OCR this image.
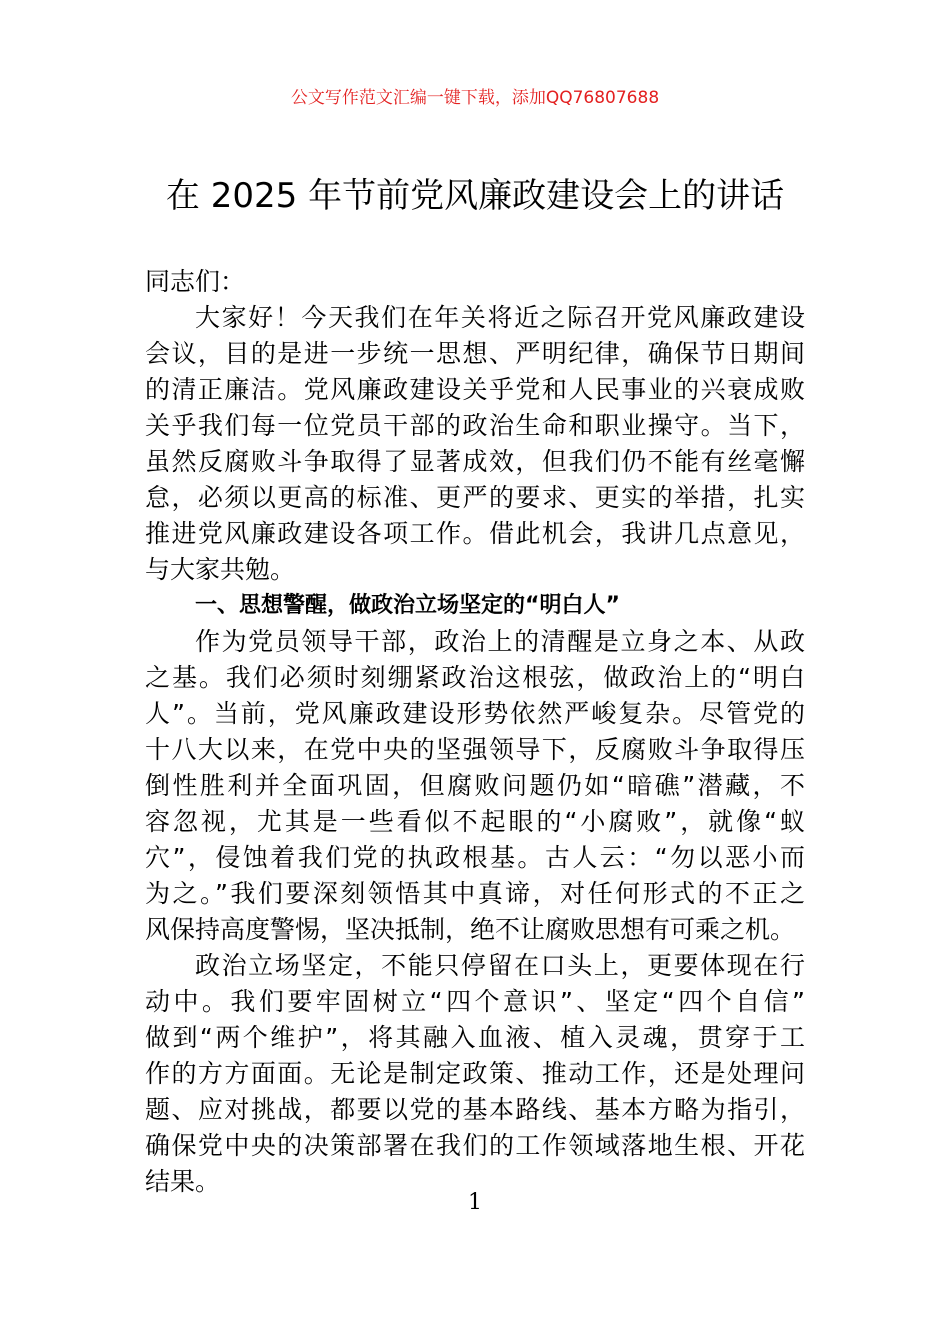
公文写作范文汇编一键下载，添加QQ76807688
在 2025 年节前党风廉政建设会上的讲话
同志们：
大家好！今天我们在年关将近之际召开党风廉政建设
会议，目的是进一步统一思想、严明纪律，确保节日期间
的清正廉洁。党风廉政建设关乎党和人民事业的兴衰成败
关乎我们每一位党员干部的政治生命和职业操守。当下，
虽然反腐败斗争取得了显著成效，但我们仍不能有丝毫懈
怠，必须以更高的标准、更严的要求、更实的举措，扎实
推进党风廉政建设各项工作。借此机会，我讲几点意见，
与大家共勉。
一、思想警醒，做政治立场坚定的“明白人”
作为党员领导干部，政治上的清醒是立身之本、从政
之基。我们必须时刻绷紧政治这根弦，做政治上的“明白
人”。当前，党风廉政建设形势依然严峻复杂。尽管党的
十八大以来，在党中央的坚强领导下，反腐败斗争取得压
倒性胜利并全面巩固，但腐败问题仍如“暗礁”潜藏，不
容忽视，尤其是一些看似不起眼的“小腐败”，就像“蚁
穴”，侵蚀着我们党的执政根基。古人云：“勿以恶小而
为之。”我们要深刻领悟其中真谛，对任何形式的不正之
风保持高度警惕，坚决抵制，绝不让腐败思想有可乘之机。
政治立场坚定，不能只停留在口头上，更要体现在行
动中。我们要牢固树立“四个意识”、坚定“四个自信”
做到“两个维护”，将其融入血液、植入灵魂，贯穿于工
作的方方面面。无论是制定政策、推动工作，还是处理问
题、应对挑战，都要以党的基本路线、基本方略为指引，
确保党中央的决策部署在我们的工作领域落地生根、开花
结果。
1
